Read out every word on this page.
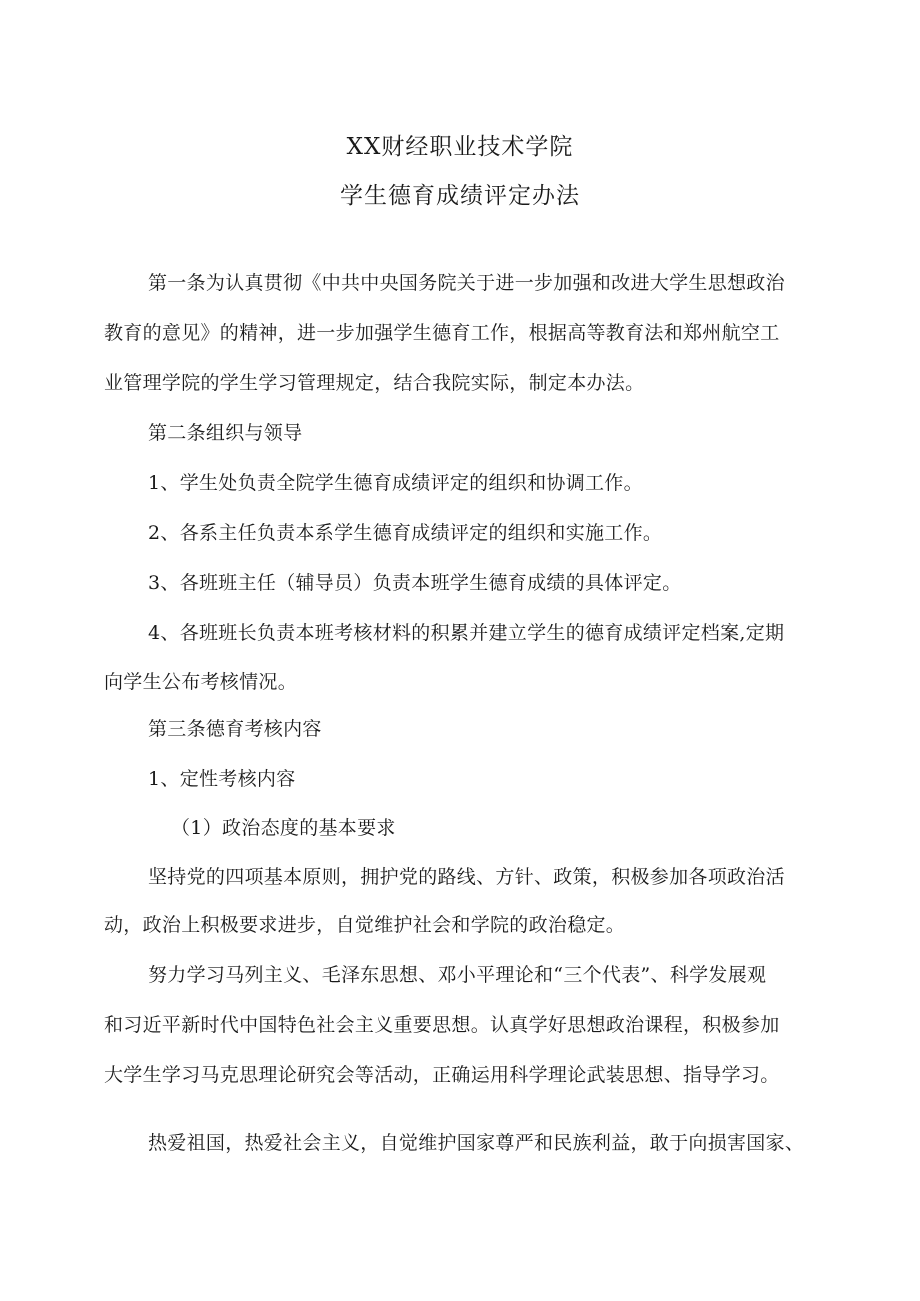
XX财经职业技术学院
学生德育成绩评定办法

第一条为认真贯彻《中共中央国务院关于进一步加强和改进大学生思想政治

教育的意见》的精神，进一步加强学生德育工作，根据高等教育法和郑州航空工

业管理学院的学生学习管理规定，结合我院实际，制定本办法。

第二条组织与领导

1、学生处负责全院学生德育成绩评定的组织和协调工作。

2、各系主任负责本系学生德育成绩评定的组织和实施工作。

3、各班班主任（辅导员）负责本班学生德育成绩的具体评定。

4、各班班长负责本班考核材料的积累并建立学生的德育成绩评定档案,定期

向学生公布考核情况。

第三条德育考核内容

1、定性考核内容

（1）政治态度的基本要求

坚持党的四项基本原则，拥护党的路线、方针、政策，积极参加各项政治活

动，政治上积极要求进步，自觉维护社会和学院的政治稳定。

努力学习马列主义、毛泽东思想、邓小平理论和“三个代表”、科学发展观

和习近平新时代中国特色社会主义重要思想。认真学好思想政治课程，积极参加

大学生学习马克思理论研究会等活动，正确运用科学理论武装思想、指导学习。

热爱祖国，热爱社会主义，自觉维护国家尊严和民族利益，敢于向损害国家、
